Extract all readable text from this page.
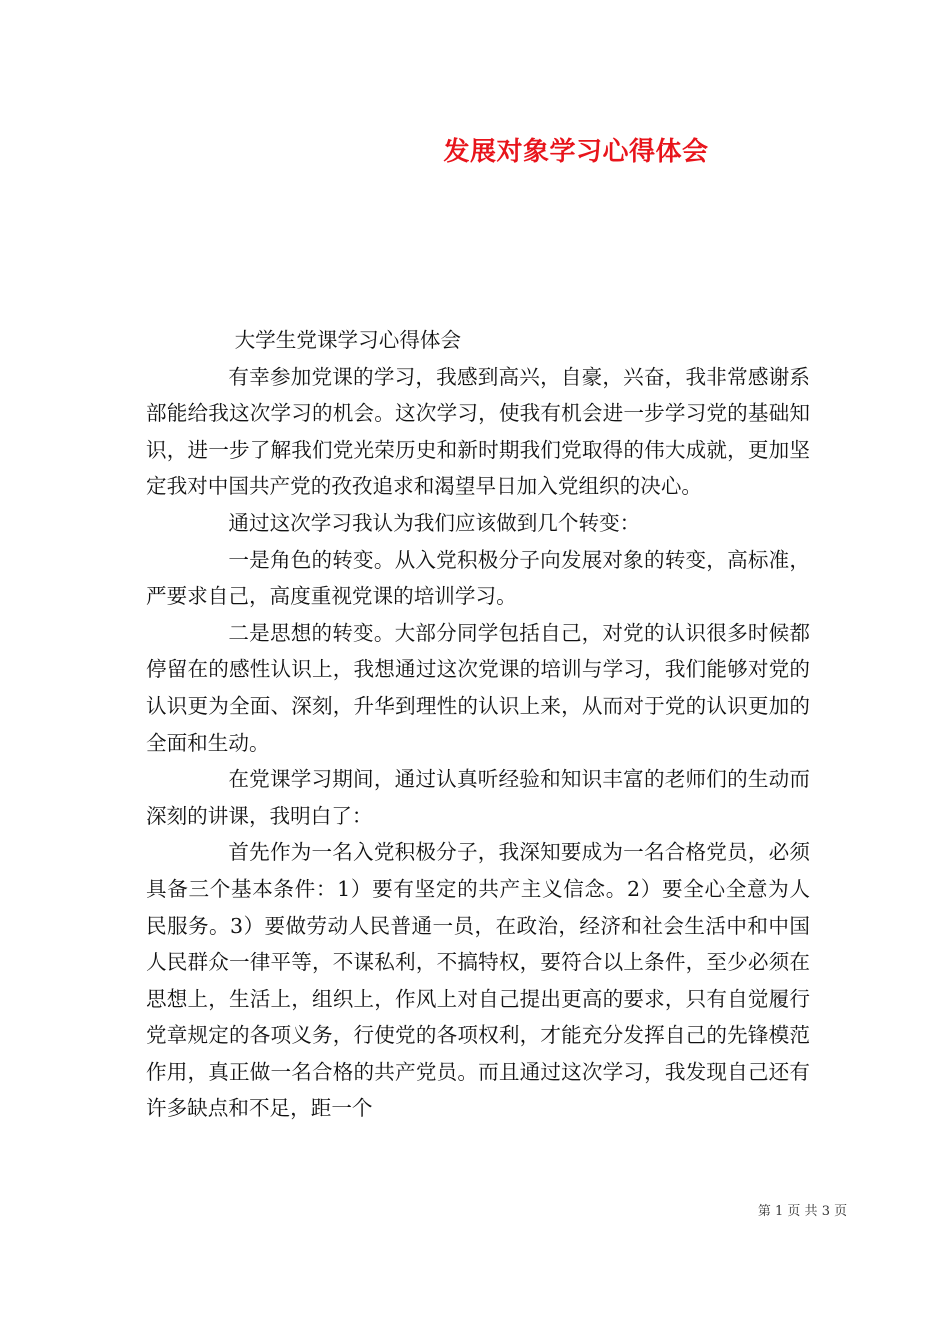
发展对象学习心得体会

大学生党课学习心得体会

有幸参加党课的学习，我感到高兴，自豪，兴奋，我非常感谢系部能给我这次学习的机会。这次学习，使我有机会进一步学习党的基础知识，进一步了解我们党光荣历史和新时期我们党取得的伟大成就，更加坚定我对中国共产党的孜孜追求和渴望早日加入党组织的决心。

通过这次学习我认为我们应该做到几个转变：

一是角色的转变。从入党积极分子向发展对象的转变，高标准，严要求自己，高度重视党课的培训学习。

二是思想的转变。大部分同学包括自己，对党的认识很多时候都停留在的感性认识上，我想通过这次党课的培训与学习，我们能够对党的认识更为全面、深刻，升华到理性的认识上来，从而对于党的认识更加的全面和生动。

在党课学习期间，通过认真听经验和知识丰富的老师们的生动而深刻的讲课，我明白了：

首先作为一名入党积极分子，我深知要成为一名合格党员，必须具备三个基本条件：1）要有坚定的共产主义信念。2）要全心全意为人民服务。3）要做劳动人民普通一员，在政治，经济和社会生活中和中国人民群众一律平等，不谋私利，不搞特权，要符合以上条件，至少必须在思想上，生活上，组织上，作风上对自己提出更高的要求，只有自觉履行党章规定的各项义务，行使党的各项权利，才能充分发挥自己的先锋模范作用，真正做一名合格的共产党员。而且通过这次学习，我发现自己还有许多缺点和不足，距一个

第 1 页 共 3 页
